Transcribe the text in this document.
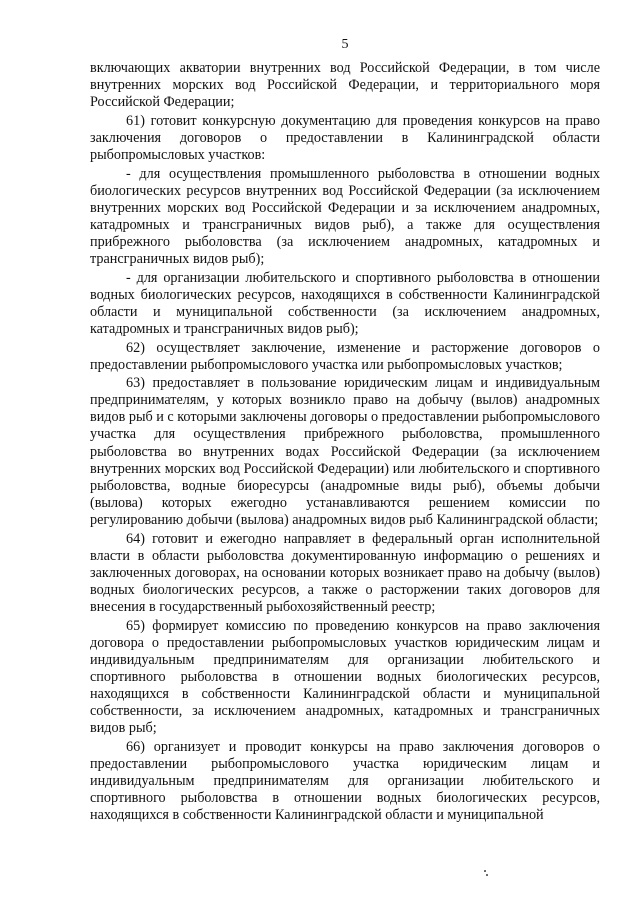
5

включающих акватории внутренних вод Российской Федерации, в том числе внутренних морских вод Российской Федерации, и территориального моря Российской Федерации;

61) готовит конкурсную документацию для проведения конкурсов на право заключения договоров о предоставлении в Калининградской области рыбопромысловых участков:

- для осуществления промышленного рыболовства в отношении водных биологических ресурсов внутренних вод Российской Федерации (за исключением внутренних морских вод Российской Федерации и за исключением анадромных, катадромных и трансграничных видов рыб), а также для осуществления прибрежного рыболовства (за исключением анадромных, катадромных и трансграничных видов рыб);

- для организации любительского и спортивного рыболовства в отношении водных биологических ресурсов, находящихся в собственности Калининградской области и муниципальной собственности (за исключением анадромных, катадромных и трансграничных видов рыб);

62) осуществляет заключение, изменение и расторжение договоров о предоставлении рыбопромыслового участка или рыбопромысловых участков;

63) предоставляет в пользование юридическим лицам и индивидуальным предпринимателям, у которых возникло право на добычу (вылов) анадромных видов рыб и с которыми заключены договоры о предоставлении рыбопромыслового участка для осуществления прибрежного рыболовства, промышленного рыболовства во внутренних водах Российской Федерации (за исключением внутренних морских вод Российской Федерации) или любительского и спортивного рыболовства, водные биоресурсы (анадромные виды рыб), объемы добычи (вылова) которых ежегодно устанавливаются решением комиссии по регулированию добычи (вылова) анадромных видов рыб Калининградской области;

64) готовит и ежегодно направляет в федеральный орган исполнительной власти в области рыболовства документированную информацию о решениях и заключенных договорах, на основании которых возникает право на добычу (вылов) водных биологических ресурсов, а также о расторжении таких договоров для внесения в государственный рыбохозяйственный реестр;

65) формирует комиссию по проведению конкурсов на право заключения договора о предоставлении рыбопромысловых участков юридическим лицам и индивидуальным предпринимателям для организации любительского и спортивного рыболовства в отношении водных биологических ресурсов, находящихся в собственности Калининградской области и муниципальной собственности, за исключением анадромных, катадромных и трансграничных видов рыб;

66) организует и проводит конкурсы на право заключения договоров о предоставлении рыбопромыслового участка юридическим лицам и индивидуальным предпринимателям для организации любительского и спортивного рыболовства в отношении водных биологических ресурсов, находящихся в собственности Калининградской области и муниципальной
